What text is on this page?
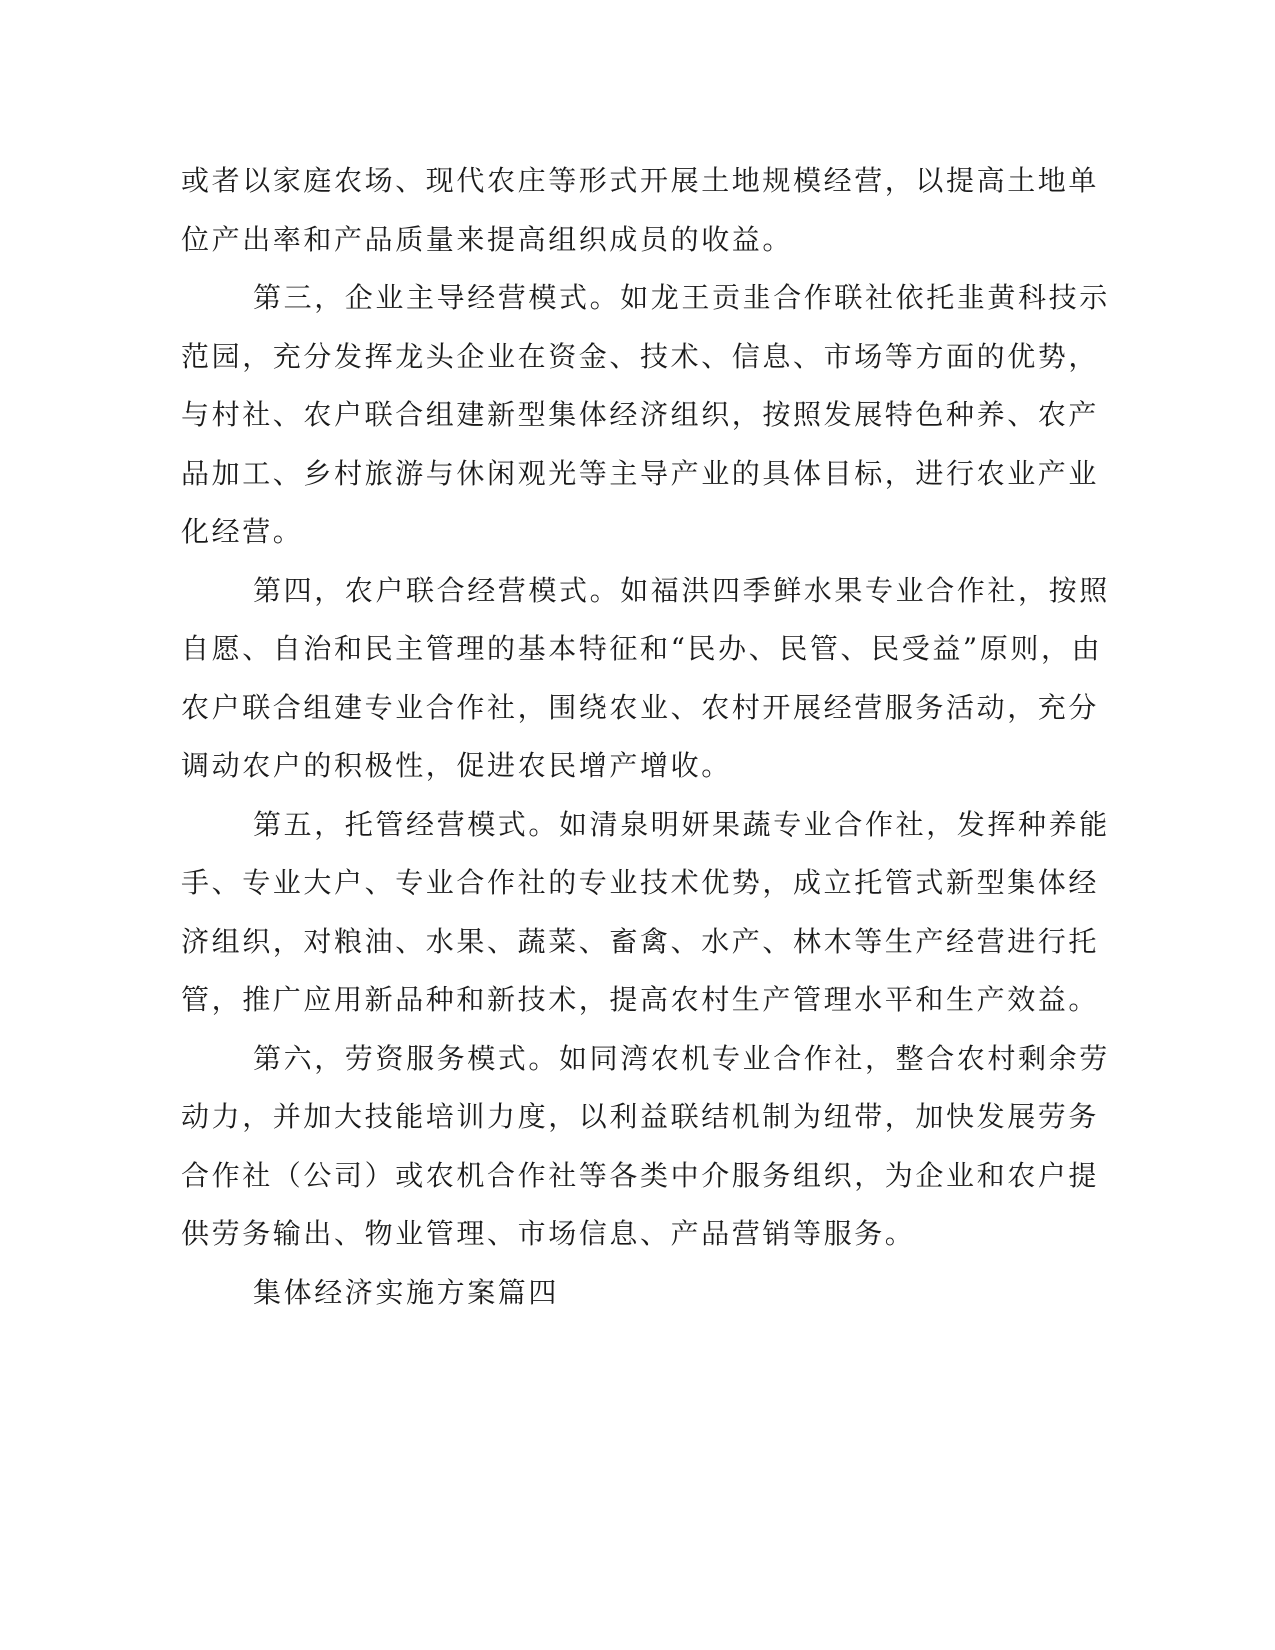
或者以家庭农场、现代农庄等形式开展土地规模经营，以提高土地单
位产出率和产品质量来提高组织成员的收益。
第三，企业主导经营模式。如龙王贡韭合作联社依托韭黄科技示
范园，充分发挥龙头企业在资金、技术、信息、市场等方面的优势，
与村社、农户联合组建新型集体经济组织，按照发展特色种养、农产
品加工、乡村旅游与休闲观光等主导产业的具体目标，进行农业产业
化经营。
第四，农户联合经营模式。如福洪四季鲜水果专业合作社，按照
自愿、自治和民主管理的基本特征和“民办、民管、民受益”原则，由
农户联合组建专业合作社，围绕农业、农村开展经营服务活动，充分
调动农户的积极性，促进农民增产增收。
第五，托管经营模式。如清泉明妍果蔬专业合作社，发挥种养能
手、专业大户、专业合作社的专业技术优势，成立托管式新型集体经
济组织，对粮油、水果、蔬菜、畜禽、水产、林木等生产经营进行托
管，推广应用新品种和新技术，提高农村生产管理水平和生产效益。
第六，劳资服务模式。如同湾农机专业合作社，整合农村剩余劳
动力，并加大技能培训力度，以利益联结机制为纽带，加快发展劳务
合作社（公司）或农机合作社等各类中介服务组织，为企业和农户提
供劳务输出、物业管理、市场信息、产品营销等服务。
集体经济实施方案篇四
